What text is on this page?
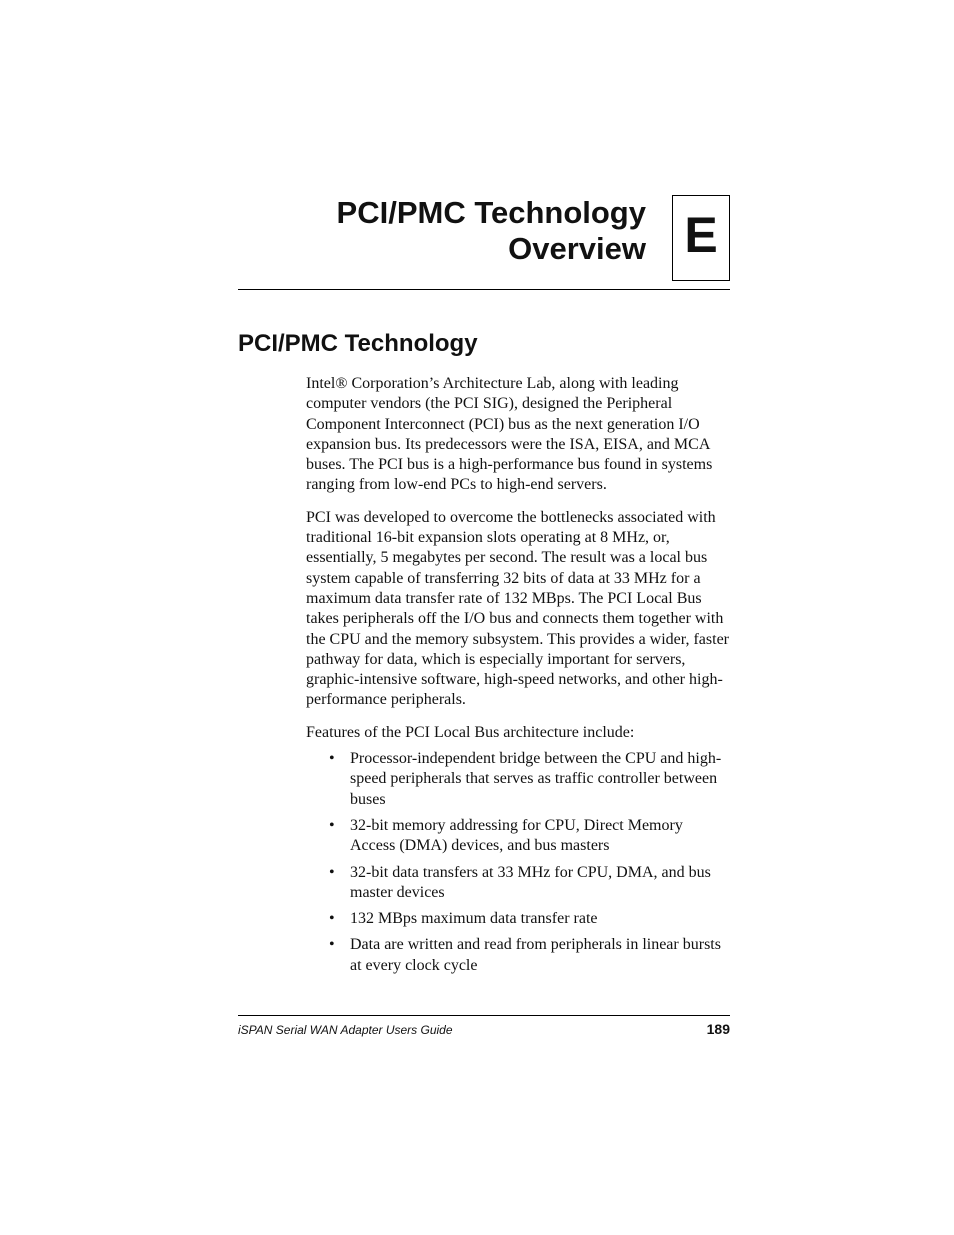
PCI/PMC Technology
Overview E
PCI/PMC Technology

Intel® Corporation’s Architecture Lab, along with leading computer vendors (the PCI SIG), designed the Peripheral Component Interconnect (PCI) bus as the next generation I/O expansion bus. Its predecessors were the ISA, EISA, and MCA buses. The PCI bus is a high-performance bus found in systems ranging from low-end PCs to high-end servers.

PCI was developed to overcome the bottlenecks associated with traditional 16-bit expansion slots operating at 8 MHz, or, essentially, 5 megabytes per second. The result was a local bus system capable of transferring 32 bits of data at 33 MHz for a maximum data transfer rate of 132 MBps. The PCI Local Bus takes peripherals off the I/O bus and connects them together with the CPU and the memory subsystem. This provides a wider, faster pathway for data, which is especially important for servers, graphic-intensive software, high-speed networks, and other high-performance peripherals.

Features of the PCI Local Bus architecture include:

• Processor-independent bridge between the CPU and high-speed peripherals that serves as traffic controller between buses
• 32-bit memory addressing for CPU, Direct Memory Access (DMA) devices, and bus masters
• 32-bit data transfers at 33 MHz for CPU, DMA, and bus master devices
• 132 MBps maximum data transfer rate
• Data are written and read from peripherals in linear bursts at every clock cycle
iSPAN Serial WAN Adapter Users Guide	189
